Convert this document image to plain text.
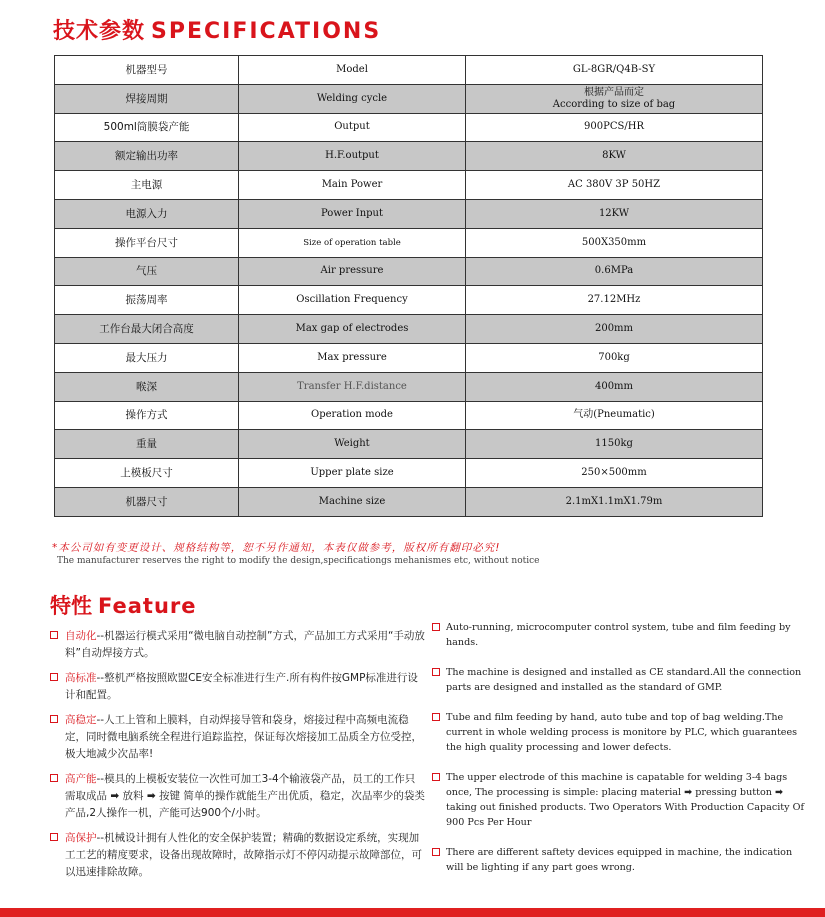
技术参数 SPECIFICATIONS
机器型号	Model	GL-8GR/Q4B-SY
焊接周期	Welding cycle	根据产品而定
According to size of bag

500ml筒膜袋产能	Output	900PCS/HR
额定输出功率	H.F.output	8KW
主电源	Main Power	AC 380V 3P 50HZ
电源入力	Power Input	12KW
操作平台尺寸	Size of operation table	500X350mm
气压	Air pressure	0.6MPa
振荡周率	Oscillation Frequency	27.12MHz
工作台最大闭合高度	Max gap of electrodes	200mm
最大压力	Max pressure	700kg
喉深	Transfer H.F.distance	400mm
操作方式	Operation mode	气动(Pneumatic)
重量	Weight	1150kg
上模板尺寸	Upper plate size	250×500mm
机器尺寸	Machine size	2.1mX1.1mX1.79m
*本公司如有变更设计、规格结构等，恕不另作通知，本表仅做参考，版权所有翻印必究!
The manufacturer reserves the right to modify the design,specificationgs mehanismes etc, without notice
特性 Feature
自动化--机器运行模式采用“微电脑自动控制”方式，产品加工方式采用“手动放料”自动焊接方式。
高标准--整机严格按照欧盟CE安全标准进行生产.所有构件按GMP标准进行设计和配置。
高稳定--人工上管和上膜料，自动焊接导管和袋身，熔接过程中高频电流稳定，同时微电脑系统全程进行追踪监控，保证每次熔接加工品质全方位受控，极大地减少次品率!
高产能--模具的上模板安装位一次性可加工3-4个输液袋产品，员工的工作只需取成品 ➡ 放料 ➡ 按键 简单的操作就能生产出优质，稳定，次品率少的袋类产品,2人操作一机，产能可达900个/小时。
高保护--机械设计拥有人性化的安全保护装置；精确的数据设定系统，实现加工工艺的精度要求，设备出现故障时，故障指示灯不停闪动提示故障部位，可以迅速排除故障。
Auto-running, microcomputer control system, tube and film feeding by hands.
The machine is designed and installed as CE standard.All the connection parts are designed and installed as the standard of GMP.
Tube and film feeding by hand, auto tube and top of bag welding.The current in whole welding process is monitore by PLC, which guarantees the high quality processing and lower defects.
The upper electrode of this machine is capatable for welding 3-4 bags once, The processing is simple: placing material ➡ pressing button ➡ taking out finished products. Two Operators With Production Capacity Of 900 Pcs Per Hour
There are different saftety devices equipped in machine, the indication will be lighting if any part goes wrong.
